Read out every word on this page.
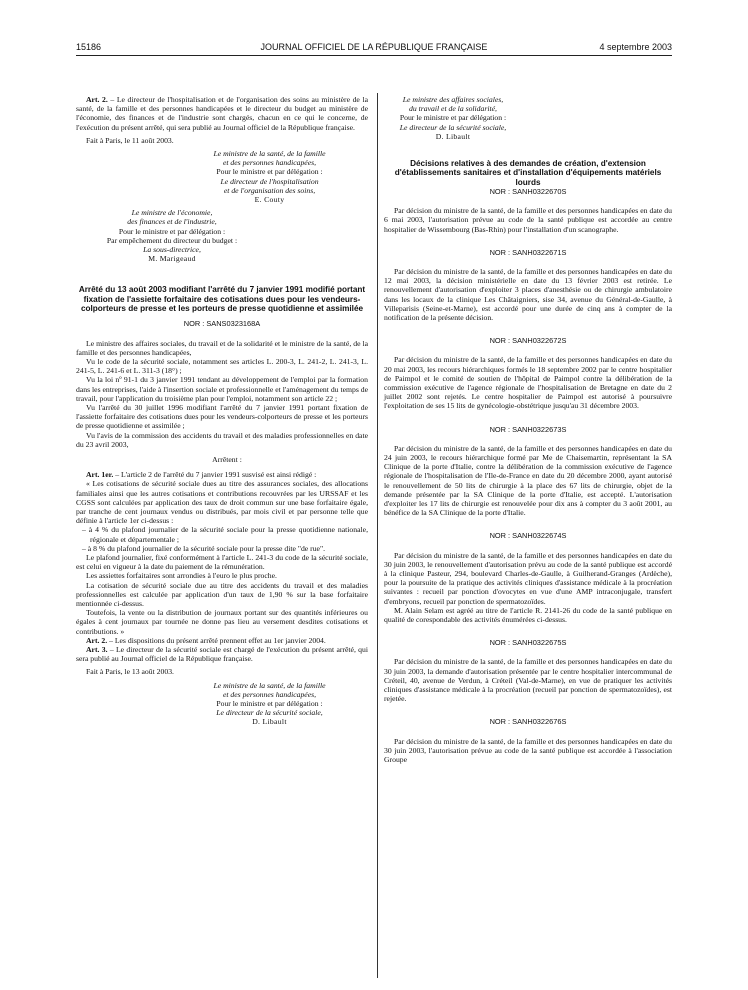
15186	JOURNAL OFFICIEL DE LA RÉPUBLIQUE FRANÇAISE	4 septembre 2003

Art. 2. – Le directeur de l'hospitalisation et de l'organisation des soins au ministère de la santé, de la famille et des personnes handicapées et le directeur du budget au ministère de l'économie, des finances et de l'industrie sont chargés, chacun en ce qui le concerne, de l'exécution du présent arrêté, qui sera publié au Journal officiel de la République française.

Fait à Paris, le 11 août 2003.

Le ministre de la santé, de la famille
et des personnes handicapées,
Pour le ministre et par délégation :
Le directeur de l'hospitalisation
et de l'organisation des soins,
E. Couty
Le ministre de l'économie,
des finances et de l'industrie,
Pour le ministre et par délégation :
Par empêchement du directeur du budget :
La sous-directrice,
M. Marigeaud

Arrêté du 13 août 2003 modifiant l'arrêté du 7 janvier 1991 modifié portant fixation de l'assiette forfaitaire des cotisations dues pour les vendeurs-colporteurs de presse et les porteurs de presse quotidienne et assimilée

NOR : SANS0323168A

Le ministre des affaires sociales, du travail et de la solidarité et le ministre de la santé, de la famille et des personnes handicapées,

Vu le code de la sécurité sociale, notamment ses articles L. 200-3, L. 241-2, L. 241-3, L. 241-5, L. 241-6 et L. 311-3 (18°) ;

Vu la loi nº 91-1 du 3 janvier 1991 tendant au développement de l'emploi par la formation dans les entreprises, l'aide à l'insertion sociale et professionnelle et l'aménagement du temps de travail, pour l'application du troisième plan pour l'emploi, notamment son article 22 ;

Vu l'arrêté du 30 juillet 1996 modifiant l'arrêté du 7 janvier 1991 portant fixation de l'assiette forfaitaire des cotisations dues pour les vendeurs-colporteurs de presse et les porteurs de presse quotidienne et assimilée ;

Vu l'avis de la commission des accidents du travail et des maladies professionnelles en date du 23 avril 2003,

Arrêtent :

Art. 1er. – L'article 2 de l'arrêté du 7 janvier 1991 susvisé est ainsi rédigé :

« Les cotisations de sécurité sociale dues au titre des assurances sociales, des allocations familiales ainsi que les autres cotisations et contributions recouvrées par les URSSAF et les CGSS sont calculées par application des taux de droit commun sur une base forfaitaire égale, par tranche de cent journaux vendus ou distribués, par mois civil et par personne telle que définie à l'article 1er ci-dessus :

– à 4 % du plafond journalier de la sécurité sociale pour la presse quotidienne nationale, régionale et départementale ;

– à 8 % du plafond journalier de la sécurité sociale pour la presse dite "de rue".

Le plafond journalier, fixé conformément à l'article L. 241-3 du code de la sécurité sociale, est celui en vigueur à la date du paiement de la rémunération.

Les assiettes forfaitaires sont arrondies à l'euro le plus proche.

La cotisation de sécurité sociale due au titre des accidents du travail et des maladies professionnelles est calculée par application d'un taux de 1,90 % sur la base forfaitaire mentionnée ci-dessus.

Toutefois, la vente ou la distribution de journaux portant sur des quantités inférieures ou égales à cent journaux par tournée ne donne pas lieu au versement desdites cotisations et contributions. »

Art. 2. – Les dispositions du présent arrêté prennent effet au 1er janvier 2004.

Art. 3. – Le directeur de la sécurité sociale est chargé de l'exécution du présent arrêté, qui sera publié au Journal officiel de la République française.

Fait à Paris, le 13 août 2003.

Le ministre de la santé, de la famille
et des personnes handicapées,
Pour le ministre et par délégation :
Le directeur de la sécurité sociale,
D. Libault
Le ministre des affaires sociales,
du travail et de la solidarité,
Pour le ministre et par délégation :
Le directeur de la sécurité sociale,
D. Libault

Décisions relatives à des demandes de création, d'extension d'établissements sanitaires et d'installation d'équipements matériels lourds

NOR : SANH0322670S

Par décision du ministre de la santé, de la famille et des personnes handicapées en date du 6 mai 2003, l'autorisation prévue au code de la santé publique est accordée au centre hospitalier de Wissembourg (Bas-Rhin) pour l'installation d'un scanographe.

NOR : SANH0322671S

Par décision du ministre de la santé, de la famille et des personnes handicapées en date du 12 mai 2003, la décision ministérielle en date du 13 février 2003 est retirée. Le renouvellement d'autorisation d'exploiter 3 places d'anesthésie ou de chirurgie ambulatoire dans les locaux de la clinique Les Châtaigniers, sise 34, avenue du Général-de-Gaulle, à Villeparisis (Seine-et-Marne), est accordé pour une durée de cinq ans à compter de la notification de la présente décision.

NOR : SANH0322672S

Par décision du ministre de la santé, de la famille et des personnes handicapées en date du 20 mai 2003, les recours hiérarchiques formés le 18 septembre 2002 par le centre hospitalier de Paimpol et le comité de soutien de l'hôpital de Paimpol contre la délibération de la commission exécutive de l'agence régionale de l'hospitalisation de Bretagne en date du 2 juillet 2002 sont rejetés. Le centre hospitalier de Paimpol est autorisé à poursuivre l'exploitation de ses 15 lits de gynécologie-obstétrique jusqu'au 31 décembre 2003.

NOR : SANH0322673S

Par décision du ministre de la santé, de la famille et des personnes handicapées en date du 24 juin 2003, le recours hiérarchique formé par Me de Chaisemartin, représentant la SA Clinique de la porte d'Italie, contre la délibération de la commission exécutive de l'agence régionale de l'hospitalisation de l'Ile-de-France en date du 20 décembre 2000, ayant autorisé le renouvellement de 50 lits de chirurgie à la place des 67 lits de chirurgie, objet de la demande présentée par la SA Clinique de la porte d'Italie, est accepté. L'autorisation d'exploiter les 17 lits de chirurgie est renouvelée pour dix ans à compter du 3 août 2001, au bénéfice de la SA Clinique de la porte d'Italie.

NOR : SANH0322674S

Par décision du ministre de la santé, de la famille et des personnes handicapées en date du 30 juin 2003, le renouvellement d'autorisation prévu au code de la santé publique est accordé à la clinique Pasteur, 294, boulevard Charles-de-Gaulle, à Guilherand-Granges (Ardèche), pour la poursuite de la pratique des activités cliniques d'assistance médicale à la procréation suivantes : recueil par ponction d'ovocytes en vue d'une AMP intraconjugale, transfert d'embryons, recueil par ponction de spermatozoïdes.

M. Alain Selam est agréé au titre de l'article R. 2141-26 du code de la santé publique en qualité de corespondable des activités énumérées ci-dessus.

NOR : SANH0322675S

Par décision du ministre de la santé, de la famille et des personnes handicapées en date du 30 juin 2003, la demande d'autorisation présentée par le centre hospitalier intercommunal de Créteil, 40, avenue de Verdun, à Créteil (Val-de-Marne), en vue de pratiquer les activités cliniques d'assistance médicale à la procréation (recueil par ponction de spermatozoïdes), est rejetée.

NOR : SANH0322676S

Par décision du ministre de la santé, de la famille et des personnes handicapées en date du 30 juin 2003, l'autorisation prévue au code de la santé publique est accordée à l'association Groupe
